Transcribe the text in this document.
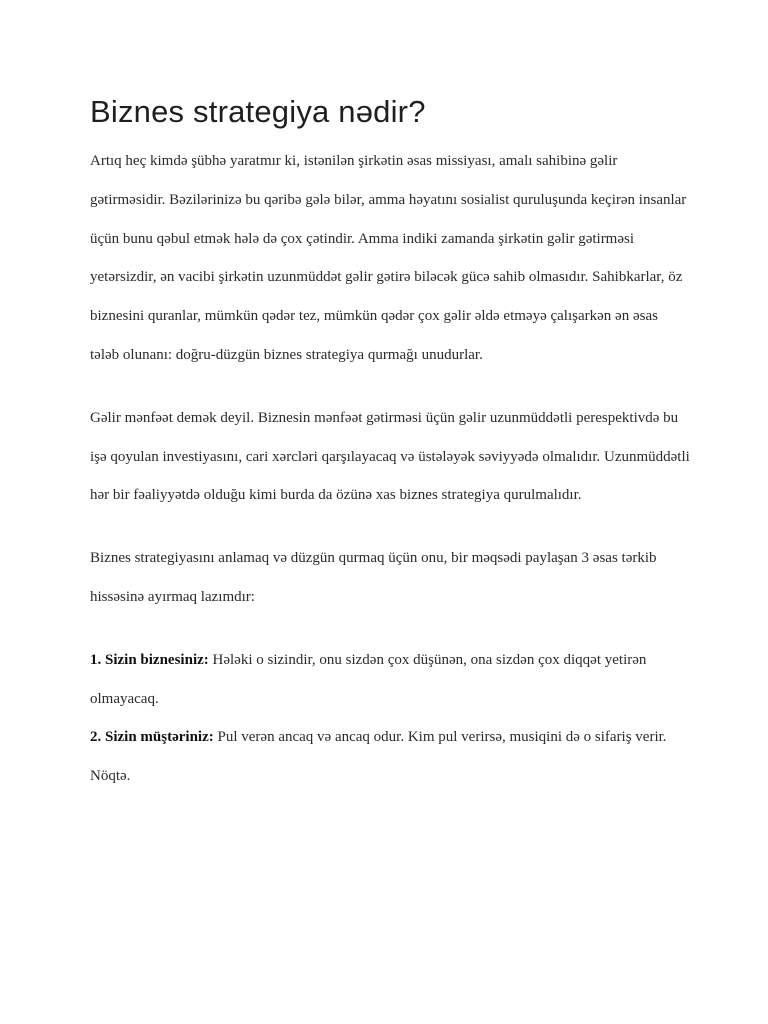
Biznes strategiya nədir?

Artıq heç kimdə şübhə yaratmır ki, istənilən şirkətin əsas missiyası, amalı sahibinə gəlir gətirməsidir. Bəzilərinizə bu qəribə gələ bilər, amma həyatını sosialist quruluşunda keçirən insanlar üçün bunu qəbul etmək hələ də çox çətindir. Amma indiki zamanda şirkətin gəlir gətirməsi yetərsizdir, ən vacibi şirkətin uzunmüddət gəlir gətirə biləcək gücə sahib olmasıdır. Sahibkarlar, öz biznesini quranlar, mümkün qədər tez, mümkün qədər çox gəlir əldə etməyə çalışarkən ən əsas tələb olunanı: doğru-düzgün biznes strategiya qurmağı unudurlar.

Gəlir mənfəət demək deyil. Biznesin mənfəət gətirməsi üçün gəlir uzunmüddətli perespektivdə bu işə qoyulan investiyasını, cari xərcləri qarşılayacaq və üstələyək səviyyədə olmalıdır. Uzunmüddətli hər bir fəaliyyətdə olduğu kimi burda da özünə xas biznes strategiya qurulmalıdır.

Biznes strategiyasını anlamaq və düzgün qurmaq üçün onu, bir məqsədi paylaşan 3 əsas tərkib hissəsinə ayırmaq lazımdır:

1. Sizin biznesiniz: Hələki o sizindir, onu sizdən çox düşünən, ona sizdən çox diqqət yetirən olmayacaq.

2. Sizin müştəriniz: Pul verən ancaq və ancaq odur. Kim pul verirsə, musiqini də o sifariş verir. Nöqtə.
